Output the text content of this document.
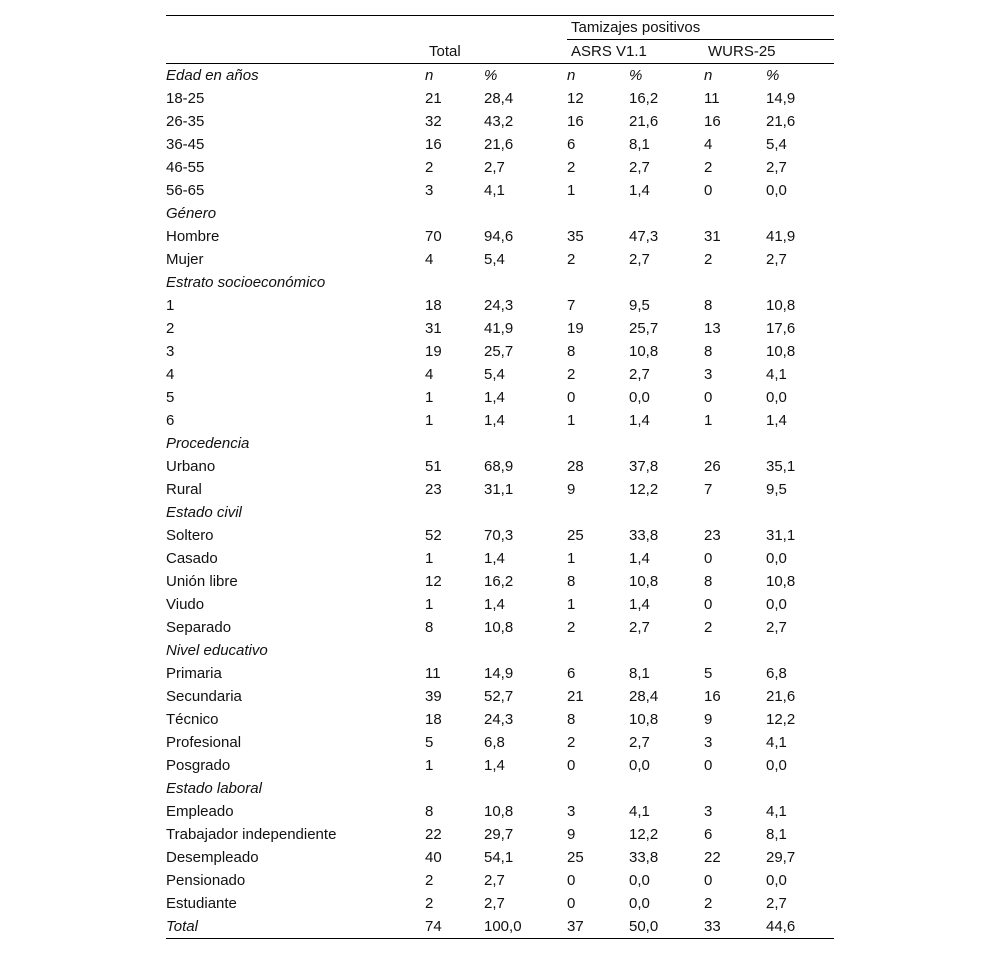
			Tamizajes positivos			
	Total		ASRS V1.1		WURS-25	
Edad en años	n	%	n	%	n	%
18-25	21	28,4	12	16,2	11	14,9
26-35	32	43,2	16	21,6	16	21,6
36-45	16	21,6	6	8,1	4	5,4
46-55	2	2,7	2	2,7	2	2,7
56-65	3	4,1	1	1,4	0	0,0
Género						
Hombre	70	94,6	35	47,3	31	41,9
Mujer	4	5,4	2	2,7	2	2,7
Estrato socioeconómico						
1	18	24,3	7	9,5	8	10,8
2	31	41,9	19	25,7	13	17,6
3	19	25,7	8	10,8	8	10,8
4	4	5,4	2	2,7	3	4,1
5	1	1,4	0	0,0	0	0,0
6	1	1,4	1	1,4	1	1,4
Procedencia						
Urbano	51	68,9	28	37,8	26	35,1
Rural	23	31,1	9	12,2	7	9,5
Estado civil						
Soltero	52	70,3	25	33,8	23	31,1
Casado	1	1,4	1	1,4	0	0,0
Unión libre	12	16,2	8	10,8	8	10,8
Viudo	1	1,4	1	1,4	0	0,0
Separado	8	10,8	2	2,7	2	2,7
Nivel educativo						
Primaria	11	14,9	6	8,1	5	6,8
Secundaria	39	52,7	21	28,4	16	21,6
Técnico	18	24,3	8	10,8	9	12,2
Profesional	5	6,8	2	2,7	3	4,1
Posgrado	1	1,4	0	0,0	0	0,0
Estado laboral						
Empleado	8	10,8	3	4,1	3	4,1
Trabajador independiente	22	29,7	9	12,2	6	8,1
Desempleado	40	54,1	25	33,8	22	29,7
Pensionado	2	2,7	0	0,0	0	0,0
Estudiante	2	2,7	0	0,0	2	2,7
Total	74	100,0	37	50,0	33	44,6
